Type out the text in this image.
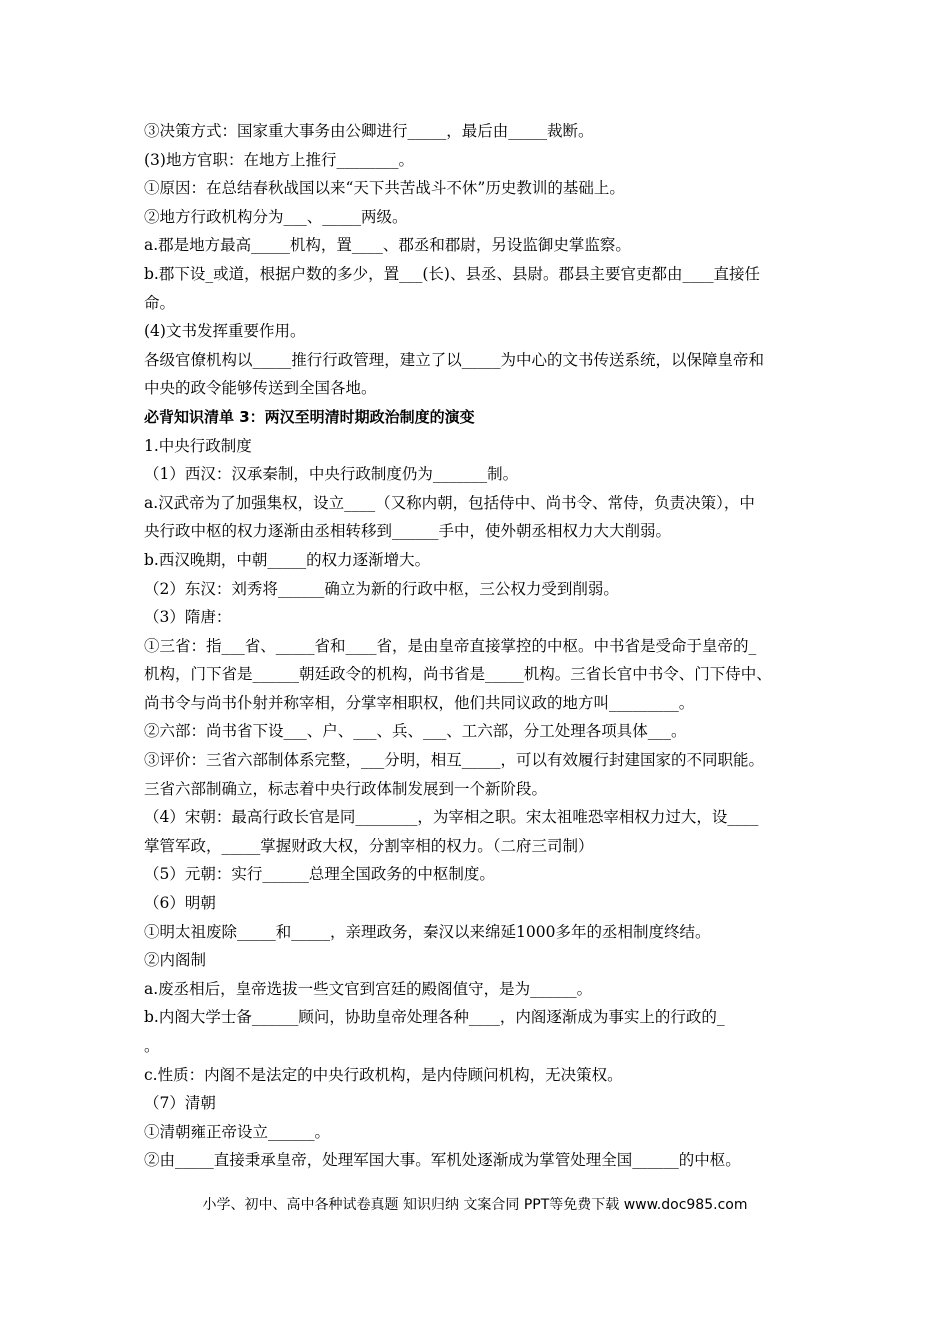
③决策方式：国家重大事务由公卿进行_____，最后由_____裁断。
(3)地方官职：在地方上推行________。
①原因：在总结春秋战国以来“天下共苦战斗不休”历史教训的基础上。
②地方行政机构分为___、_____两级。
a.郡是地方最高_____机构，置____、郡丞和郡尉，另设监御史掌监察。
b.郡下设_或道，根据户数的多少，置___(长)、县丞、县尉。郡县主要官吏都由____直接任
命。
(4)文书发挥重要作用。
各级官僚机构以_____推行行政管理，建立了以_____为中心的文书传送系统，以保障皇帝和
中央的政令能够传送到全国各地。
必背知识清单 3：两汉至明清时期政治制度的演变
1.中央行政制度
（1）西汉：汉承秦制，中央行政制度仍为_______制。
a.汉武帝为了加强集权，设立____（又称内朝，包括侍中、尚书令、常侍，负责决策），中
央行政中枢的权力逐渐由丞相转移到______手中，使外朝丞相权力大大削弱。
b.西汉晚期，中朝_____的权力逐渐增大。
（2）东汉：刘秀将______确立为新的行政中枢，三公权力受到削弱。
（3）隋唐：
①三省：指___省、_____省和____省，是由皇帝直接掌控的中枢。中书省是受命于皇帝的_
机构，门下省是______朝廷政令的机构，尚书省是_____机构。三省长官中书令、门下侍中、
尚书令与尚书仆射并称宰相，分掌宰相职权，他们共同议政的地方叫_________。
②六部：尚书省下设___、户、___、兵、___、工六部，分工处理各项具体___。
③评价：三省六部制体系完整，___分明，相互_____，可以有效履行封建国家的不同职能。
三省六部制确立，标志着中央行政体制发展到一个新阶段。
（4）宋朝：最高行政长官是同________，为宰相之职。宋太祖唯恐宰相权力过大，设____
掌管军政，_____掌握财政大权，分割宰相的权力。（二府三司制）
（5）元朝：实行______总理全国政务的中枢制度。
（6）明朝
①明太祖废除_____和_____，亲理政务，秦汉以来绵延1000多年的丞相制度终结。
②内阁制
a.废丞相后，皇帝选拔一些文官到宫廷的殿阁值守，是为______。
b.内阁大学士备______顾问，协助皇帝处理各种____，内阁逐渐成为事实上的行政的_
。
c.性质：内阁不是法定的中央行政机构，是内侍顾问机构，无决策权。
（7）清朝
①清朝雍正帝设立______。
②由_____直接秉承皇帝，处理军国大事。军机处逐渐成为掌管处理全国______的中枢。
小学、初中、高中各种试卷真题 知识归纳 文案合同 PPT等免费下载 www.doc985.com
